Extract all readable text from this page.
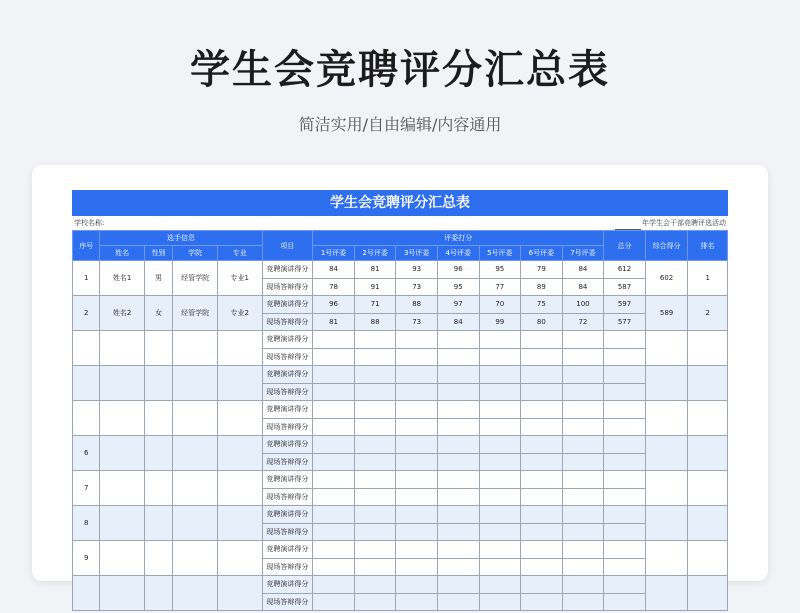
学生会竞聘评分汇总表
简洁实用/自由编辑/内容通用
学生会竞聘评分汇总表
学校名称:	年学生会干部竞聘评选活动
序号	选手信息				项目	评委打分							总分	综合得分	排名
	姓名	性别	学院	专业		1号评委	2号评委	3号评委	4号评委	5号评委	6号评委	7号评委			
1	姓名1	男	经管学院	专业1	竞聘演讲得分	84	81	93	96	95	79	84	612	602	1
					现场答辩得分	78	91	73	95	77	89	84	587		
2	姓名2	女	经管学院	专业2	竞聘演讲得分	96	71	88	97	70	75	100	597	589	2
					现场答辩得分	81	88	73	84	99	80	72	577		
					竞聘演讲得分										
					现场答辩得分										
					竞聘演讲得分										
					现场答辩得分										
					竞聘演讲得分										
					现场答辩得分										
6					竞聘演讲得分										
					现场答辩得分										
7					竞聘演讲得分										
					现场答辩得分										
8					竞聘演讲得分										
					现场答辩得分										
9					竞聘演讲得分										
					现场答辩得分										
					竞聘演讲得分										
					现场答辩得分										
